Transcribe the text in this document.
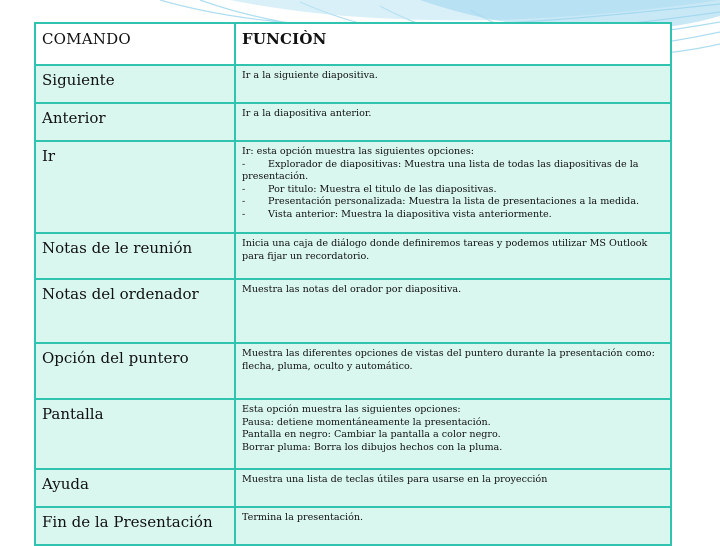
COMANDO	FUNCIÒN
Siguiente	Ir a la siguiente diapositiva.
Anterior	Ir a la diapositiva anterior.
Ir	Ir: esta opción muestra las siguientes opciones:
- Explorador de diapositivas: Muestra una lista de todas las diapositivas de la presentación.
- Por titulo: Muestra el titulo de las diapositivas.
- Presentación personalizada: Muestra la lista de presentaciones a la medida.
- Vista anterior: Muestra la diapositiva vista anteriormente.

Notas de le reunión	Inicia una caja de diálogo donde definiremos tareas y podemos utilizar MS Outlook para fijar un recordatorio.
Notas del ordenador	Muestra las notas del orador por diapositiva.
Opción del puntero	Muestra las diferentes opciones de vistas del puntero durante la presentación como: flecha, pluma, oculto y automático.
Pantalla	Esta opción muestra las siguientes opciones:
Pausa: detiene momentáneamente la presentación.
Pantalla en negro: Cambiar la pantalla a color negro.
Borrar pluma: Borra los dibujos hechos con la pluma.

Ayuda	Muestra una lista de teclas útiles para usarse en la proyección
Fin de la Presentación	Termina la presentación.
